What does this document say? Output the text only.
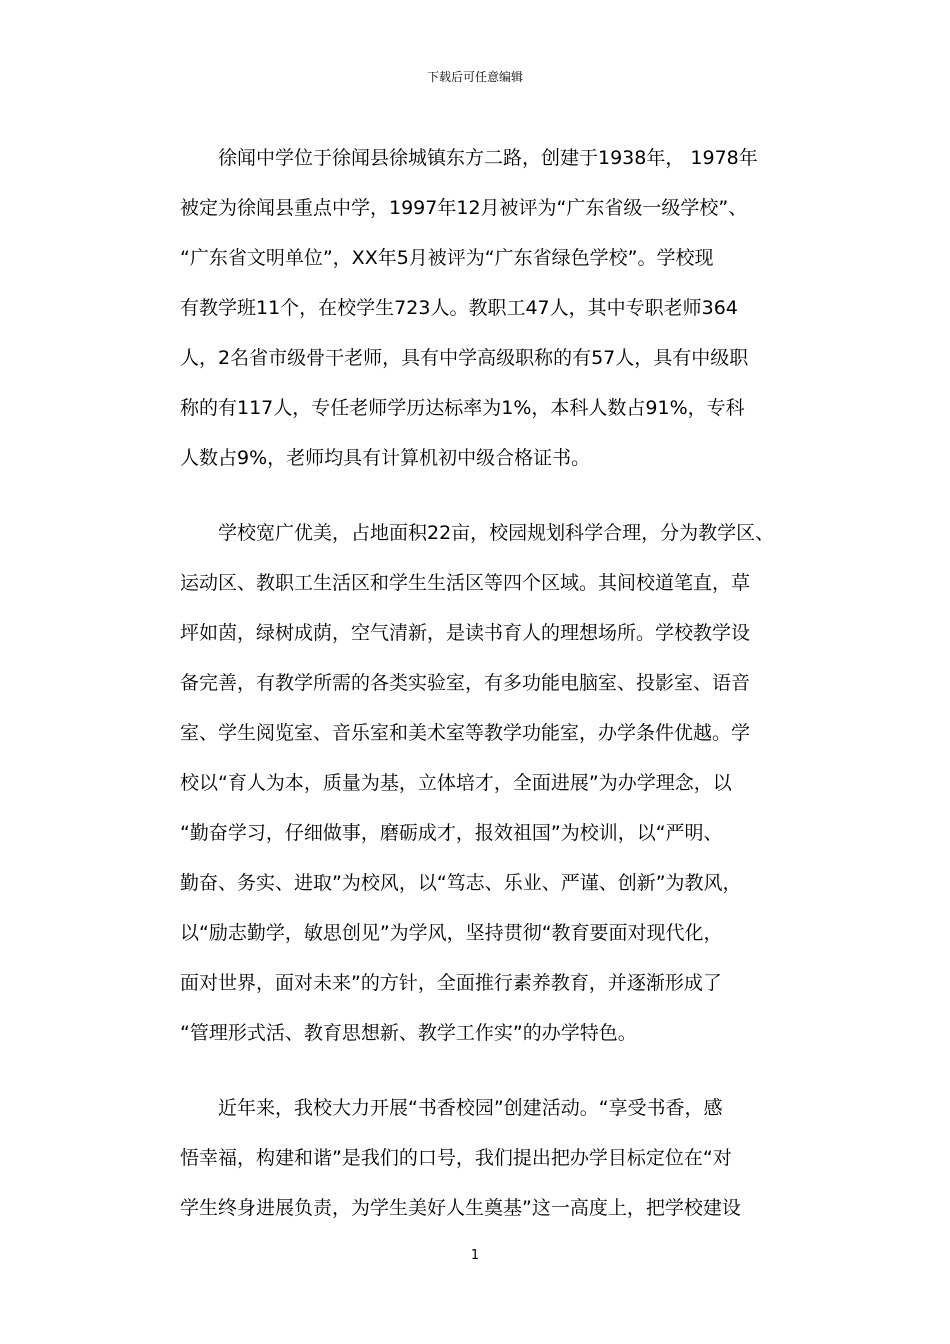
下载后可任意编辑

徐闻中学位于徐闻县徐城镇东方二路，创建于1938年， 1978年
被定为徐闻县重点中学，1997年12月被评为“广东省级一级学校”、
“广东省文明单位”，XX年5月被评为“广东省绿色学校”。学校现
有教学班11个，在校学生723人。教职工47人，其中专职老师364
人，2名省市级骨干老师，具有中学高级职称的有57人，具有中级职
称的有117人，专任老师学历达标率为1%，本科人数占91%，专科
人数占9%，老师均具有计算机初中级合格证书。

学校宽广优美，占地面积22亩，校园规划科学合理，分为教学区、
运动区、教职工生活区和学生生活区等四个区域。其间校道笔直，草
坪如茵，绿树成荫，空气清新，是读书育人的理想场所。学校教学设
备完善，有教学所需的各类实验室，有多功能电脑室、投影室、语音
室、学生阅览室、音乐室和美术室等教学功能室，办学条件优越。学
校以“育人为本，质量为基，立体培才，全面进展”为办学理念，以
“勤奋学习，仔细做事，磨砺成才，报效祖国”为校训，以“严明、
勤奋、务实、进取”为校风，以“笃志、乐业、严谨、创新”为教风，
以“励志勤学，敏思创见”为学风，坚持贯彻“教育要面对现代化，
面对世界，面对未来”的方针，全面推行素养教育，并逐渐形成了
“管理形式活、教育思想新、教学工作实”的办学特色。

近年来，我校大力开展“书香校园”创建活动。“享受书香，感
悟幸福，构建和谐”是我们的口号，我们提出把办学目标定位在“对
学生终身进展负责，为学生美好人生奠基”这一高度上，把学校建设

1
